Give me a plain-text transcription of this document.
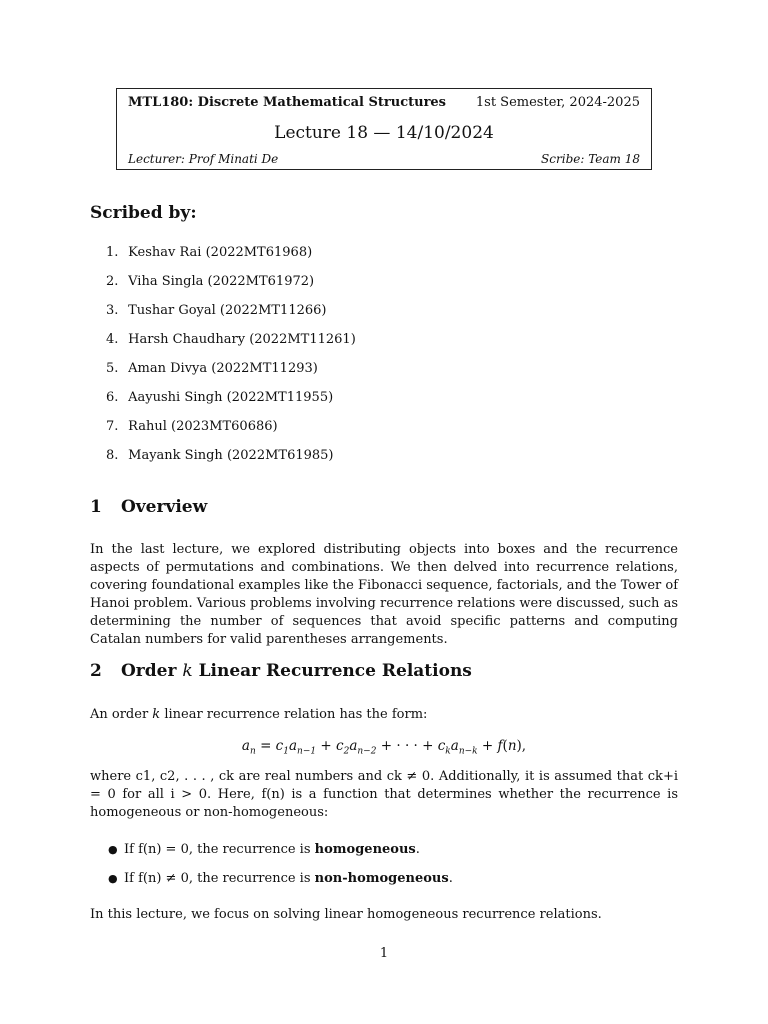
MTL180: Discrete Mathematical Structures 1st Semester, 2024-2025
Lecture 18 — 14/10/2024
Lecturer: Prof Minati De	Scribe: Team 18
Scribed by:
1. Keshav Rai (2022MT61968)
2. Viha Singla (2022MT61972)
3. Tushar Goyal (2022MT11266)
4. Harsh Chaudhary (2022MT11261)
5. Aman Divya (2022MT11293)
6. Aayushi Singh (2022MT11955)
7. Rahul (2023MT60686)
8. Mayank Singh (2022MT61985)
1 Overview

In the last lecture, we explored distributing objects into boxes and the recurrence aspects of permutations and combinations. We then delved into recurrence relations, covering foundational examples like the Fibonacci sequence, factorials, and the Tower of Hanoi problem. Various problems involving recurrence relations were discussed, such as determining the number of sequences that avoid specific patterns and computing Catalan numbers for valid parentheses arrangements.

2 Order k Linear Recurrence Relations

An order k linear recurrence relation has the form:

$a_n = c_1a_{n-1} + c_2a_{n-2}$ + · · · + $c_ka_{n-k} + f(n)$,

where c1, c2, . . . , ck are real numbers and ck ≠ 0. Additionally, it is assumed that ck+i = 0 for all i > 0. Here, f(n) is a function that determines whether the recurrence is homogeneous or non-homogeneous:

● If f(n) = 0, the recurrence is homogeneous.
● If f(n) ≠ 0, the recurrence is non-homogeneous.

In this lecture, we focus on solving linear homogeneous recurrence relations.

1
